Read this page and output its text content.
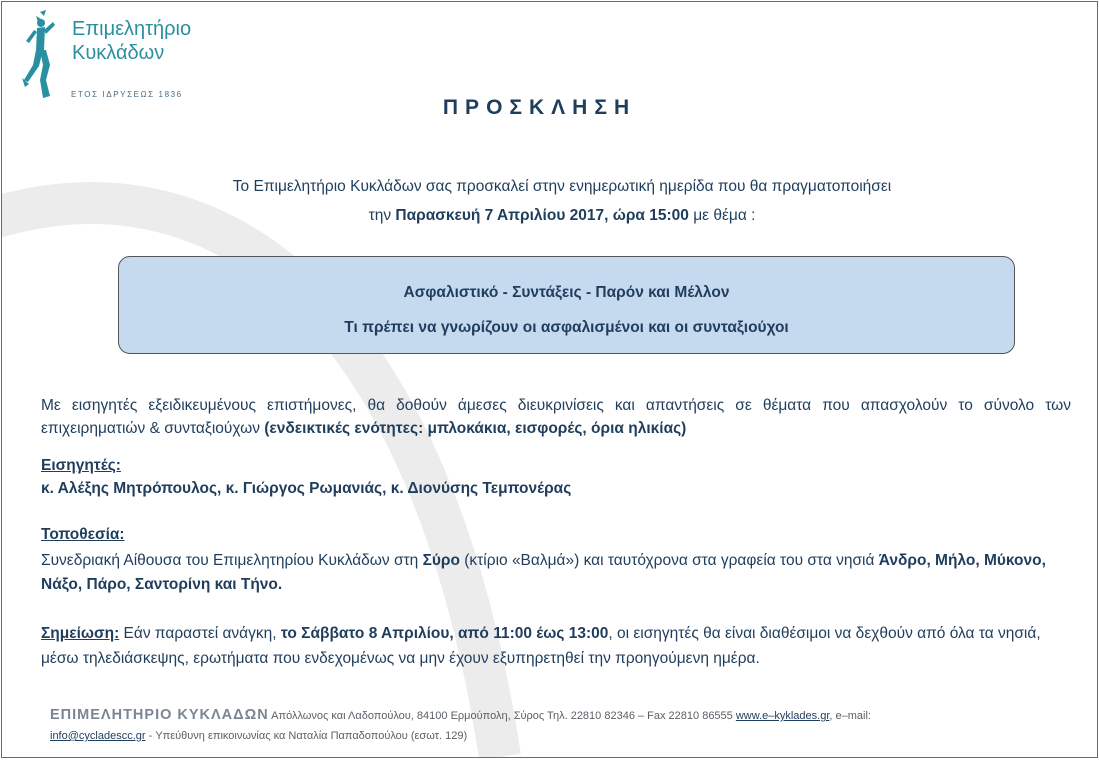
Επιμελητήριο
Κυκλάδων
ΕΤΟΣ ΙΔΡΥΣΕΩΣ 1836
ΠΡΟΣΚΛΗΣΗ
Το Επιμελητήριο Κυκλάδων σας προσκαλεί στην ενημερωτική ημερίδα που θα πραγματοποιήσει
την Παρασκευή 7 Απριλίου 2017, ώρα 15:00 με θέμα :
Ασφαλιστικό - Συντάξεις - Παρόν και Μέλλον
Τι πρέπει να γνωρίζουν οι ασφαλισμένοι και οι συνταξιούχοι
Με εισηγητές εξειδικευμένους επιστήμονες, θα δοθούν άμεσες διευκρινίσεις και απαντήσεις σε θέματα που απασχολούν το σύνολο των επιχειρηματιών & συνταξιούχων (ενδεικτικές ενότητες: μπλοκάκια, εισφορές, όρια ηλικίας)
Εισηγητές:
κ. Αλέξης Μητρόπουλος, κ. Γιώργος Ρωμανιάς, κ. Διονύσης Τεμπονέρας
Τοποθεσία:
Συνεδριακή Αίθουσα του Επιμελητηρίου Κυκλάδων στη Σύρο (κτίριο «Βαλμά») και ταυτόχρονα στα γραφεία του στα νησιά Άνδρο, Μήλο, Μύκονο, Νάξο, Πάρο, Σαντορίνη και Τήνο.
Σημείωση: Εάν παραστεί ανάγκη, το Σάββατο 8 Απριλίου, από 11:00 έως 13:00, οι εισηγητές θα είναι διαθέσιμοι να δεχθούν από όλα τα νησιά, μέσω τηλεδιάσκεψης, ερωτήματα που ενδεχομένως να μην έχουν εξυπηρετηθεί την προηγούμενη ημέρα.
ΕΠΙΜΕΛΗΤΗΡΙΟ ΚΥΚΛΑΔΩΝ Απόλλωνος και Λαδοπούλου, 84100 Ερμούπολη, Σύρος Τηλ. 22810 82346 – Fax 22810 86555 www.e–kyklades.gr, e–mail:
info@cycladescc.gr - Υπεύθυνη επικοινωνίας κα Ναταλία Παπαδοπούλου (εσωτ. 129)
